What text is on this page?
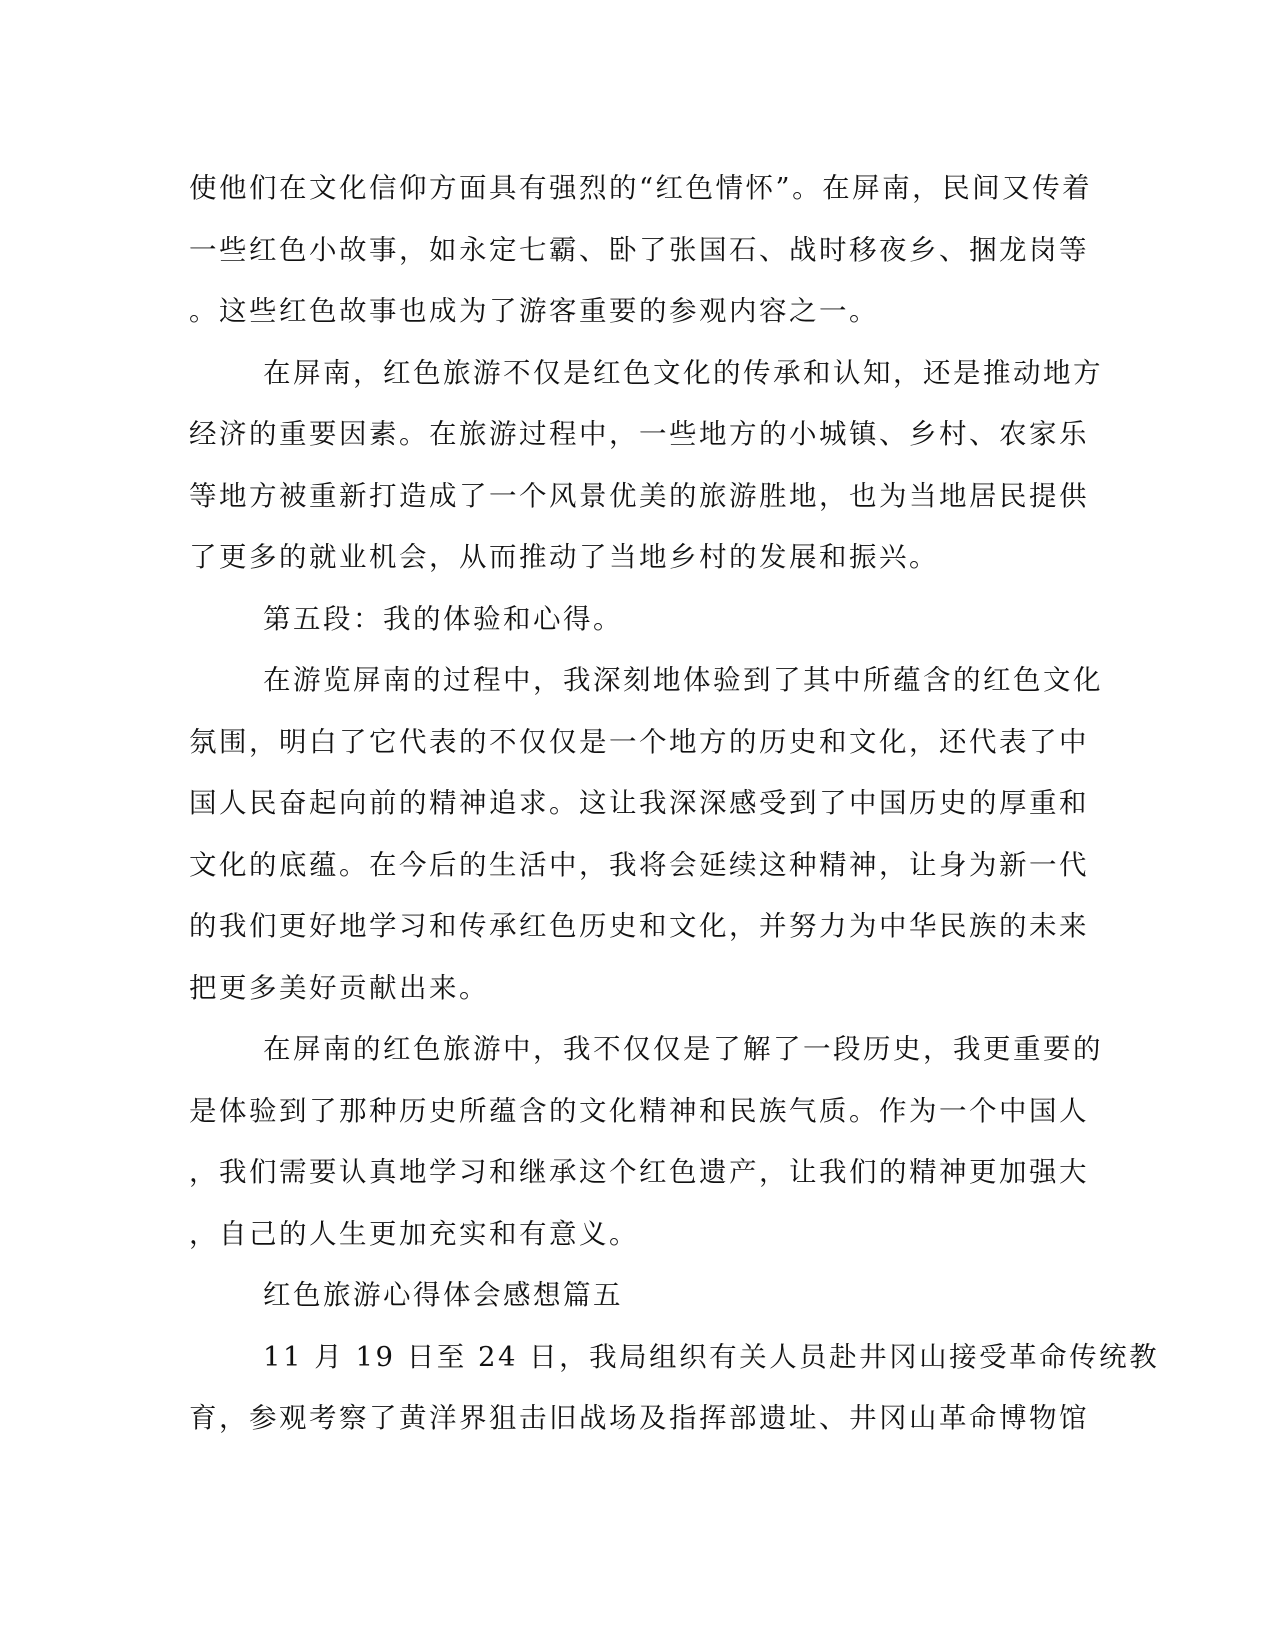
使他们在文化信仰方面具有强烈的“红色情怀”。在屏南，民间又传着
一些红色小故事，如永定七霸、卧了张国石、战时移夜乡、捆龙岗等
。这些红色故事也成为了游客重要的参观内容之一。
在屏南，红色旅游不仅是红色文化的传承和认知，还是推动地方
经济的重要因素。在旅游过程中，一些地方的小城镇、乡村、农家乐
等地方被重新打造成了一个风景优美的旅游胜地，也为当地居民提供
了更多的就业机会，从而推动了当地乡村的发展和振兴。
第五段：我的体验和心得。
在游览屏南的过程中，我深刻地体验到了其中所蕴含的红色文化
氛围，明白了它代表的不仅仅是一个地方的历史和文化，还代表了中
国人民奋起向前的精神追求。这让我深深感受到了中国历史的厚重和
文化的底蕴。在今后的生活中，我将会延续这种精神，让身为新一代
的我们更好地学习和传承红色历史和文化，并努力为中华民族的未来
把更多美好贡献出来。
在屏南的红色旅游中，我不仅仅是了解了一段历史，我更重要的
是体验到了那种历史所蕴含的文化精神和民族气质。作为一个中国人
，我们需要认真地学习和继承这个红色遗产，让我们的精神更加强大
，自己的人生更加充实和有意义。
红色旅游心得体会感想篇五
11 月 19 日至 24 日，我局组织有关人员赴井冈山接受革命传统教
育，参观考察了黄洋界狙击旧战场及指挥部遗址、井冈山革命博物馆
